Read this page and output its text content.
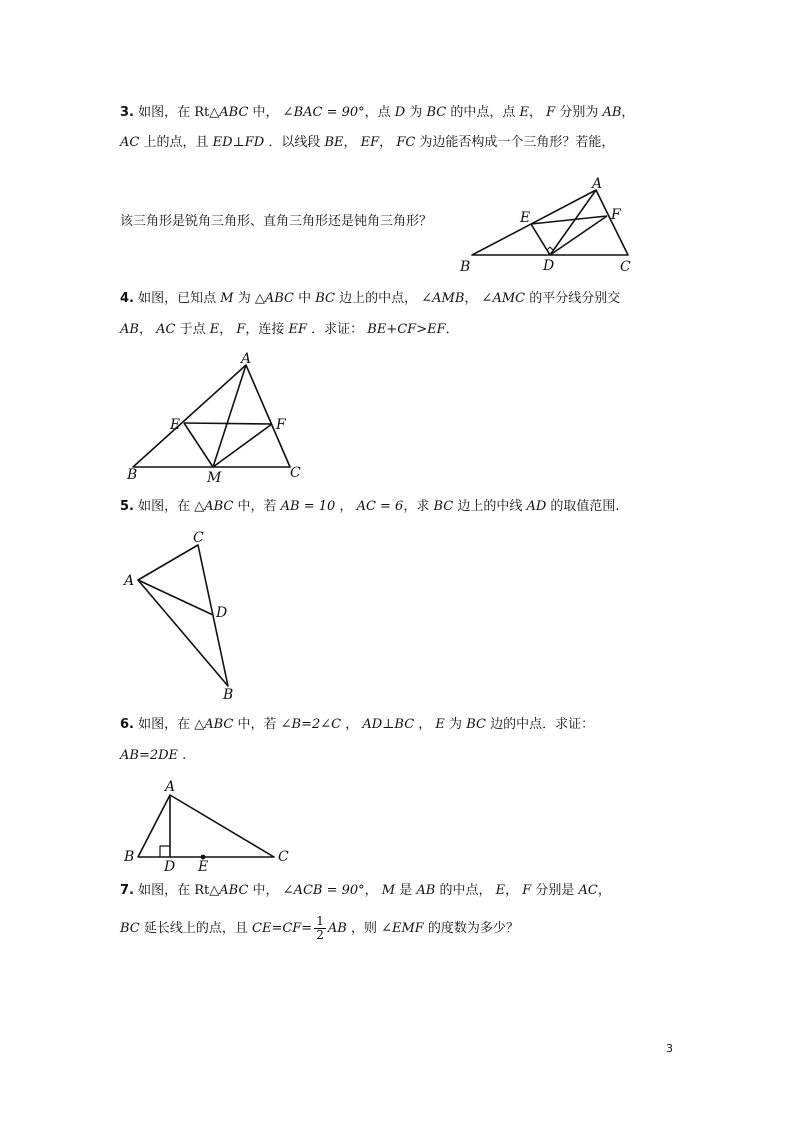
3. 如图，在 Rt△ABC 中， ∠BAC = 90°，点 D 为 BC 的中点，点 E， F 分别为 AB，
AC 上的点，且 ED⊥FD ．以线段 BE， EF， FC 为边能否构成一个三角形？若能，
该三角形是锐角三角形、直角三角形还是钝角三角形？
4. 如图，已知点 M 为 △ABC 中 BC 边上的中点， ∠AMB， ∠AMC 的平分线分别交
AB， AC 于点 E， F，连接 EF ．求证： BE+CF>EF．
5. 如图，在 △ABC 中，若 AB = 10 ， AC = 6，求 BC 边上的中线 AD 的取值范围.
6. 如图，在 △ABC 中，若 ∠B=2∠C ， AD⊥BC ， E 为 BC 边的中点．求证：
AB=2DE .
7. 如图，在 Rt△ABC 中， ∠ACB = 90°， M 是 AB 的中点， E， F 分别是 AC，
BC 延长线上的点，且 $CE=CF= \frac{1}{2}$ AB ，则 ∠EMF 的度数为多少？
A
B	C
D
E	F
A
B	C
E	F
M
A
B
C
D
A
B	C
D E
3
